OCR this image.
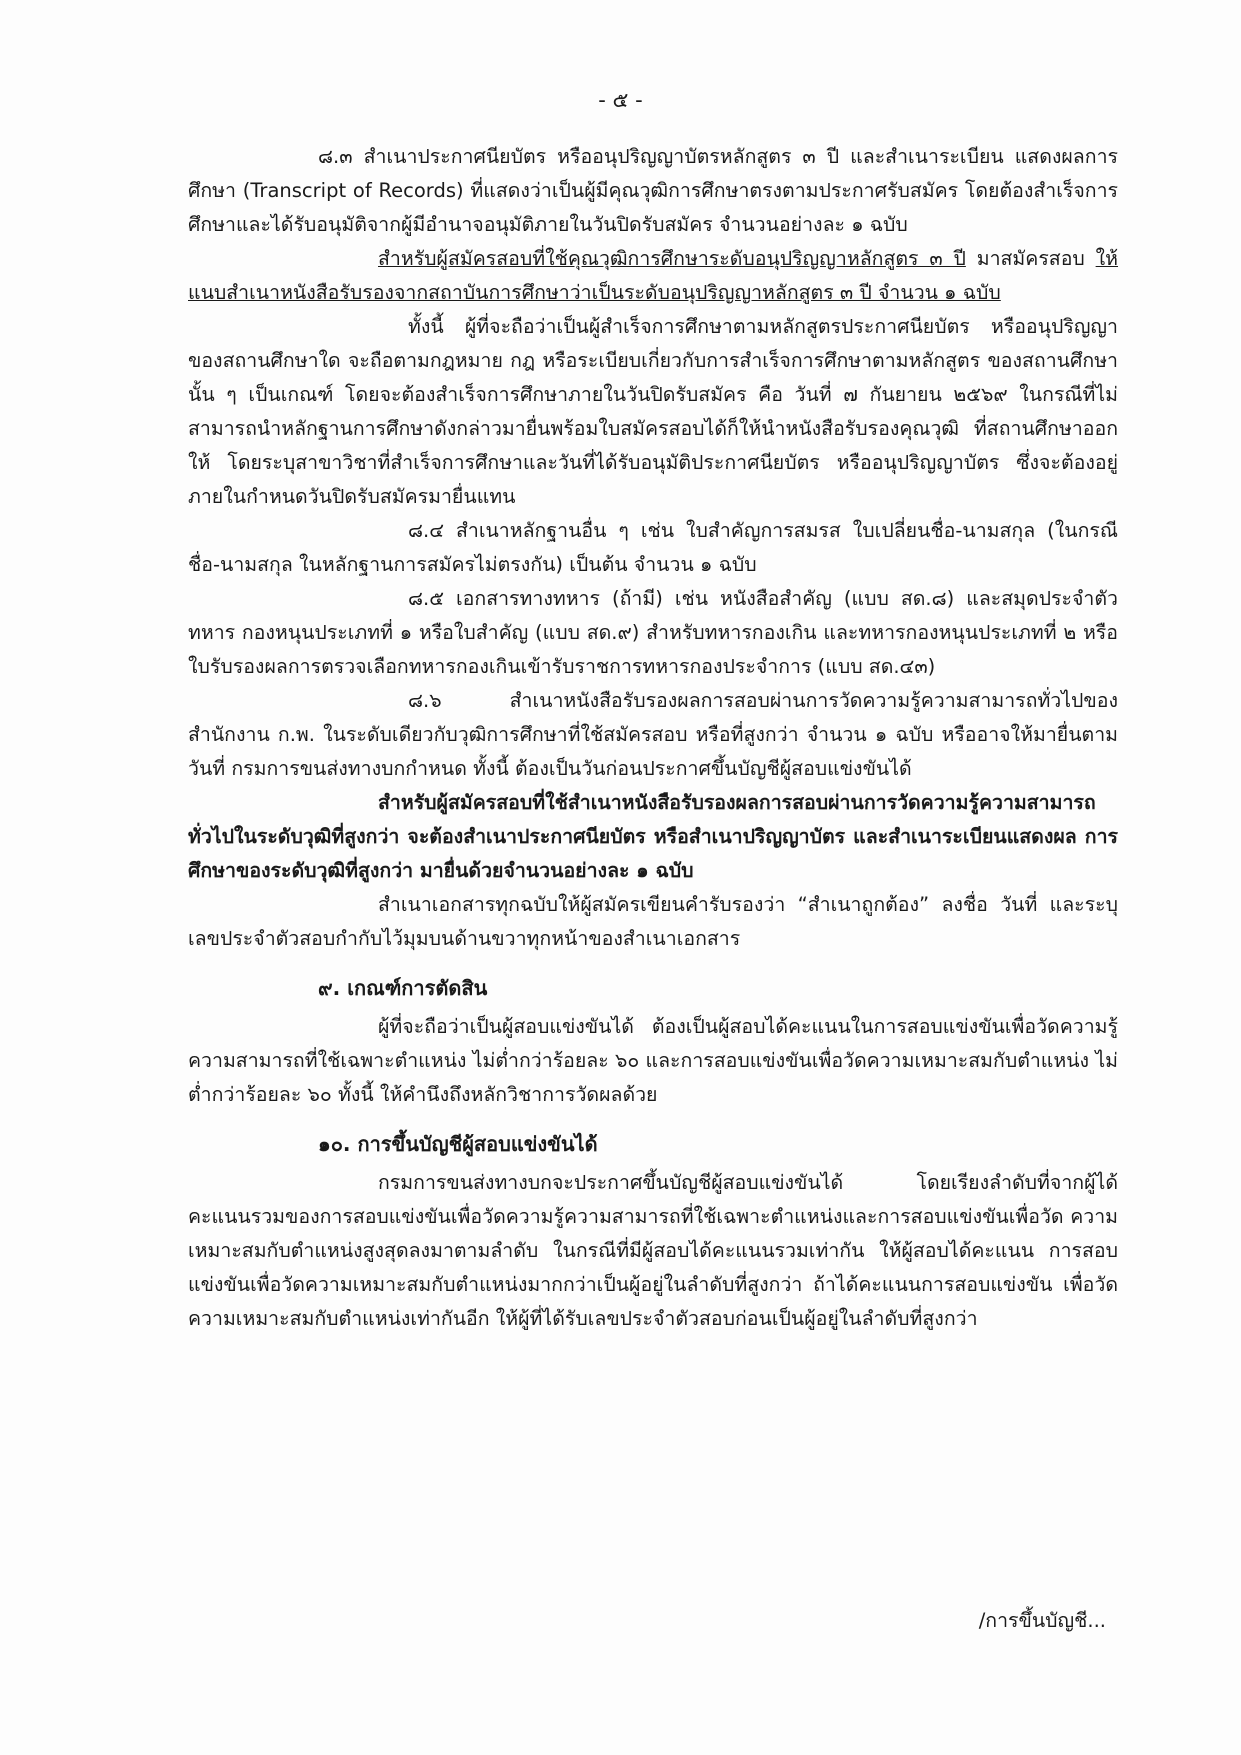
- ๕ -

๘.๓ สำเนาประกาศนียบัตร หรืออนุปริญญาบัตรหลักสูตร ๓ ปี และสำเนาระเบียน แสดงผลการศึกษา (Transcript of Records) ที่แสดงว่าเป็นผู้มีคุณวุฒิการศึกษาตรงตามประกาศรับสมัคร โดยต้องสำเร็จการศึกษาและได้รับอนุมัติจากผู้มีอำนาจอนุมัติภายในวันปิดรับสมัคร จำนวนอย่างละ ๑ ฉบับ

สำหรับผู้สมัครสอบที่ใช้คุณวุฒิการศึกษาระดับอนุปริญญาหลักสูตร ๓ ปี มาสมัครสอบ ให้แนบสำเนาหนังสือรับรองจากสถาบันการศึกษาว่าเป็นระดับอนุปริญญาหลักสูตร ๓ ปี จำนวน ๑ ฉบับ

ทั้งนี้ ผู้ที่จะถือว่าเป็นผู้สำเร็จการศึกษาตามหลักสูตรประกาศนียบัตร หรืออนุปริญญา ของสถานศึกษาใด จะถือตามกฎหมาย กฎ หรือระเบียบเกี่ยวกับการสำเร็จการศึกษาตามหลักสูตร ของสถานศึกษานั้น ๆ เป็นเกณฑ์ โดยจะต้องสำเร็จการศึกษาภายในวันปิดรับสมัคร คือ วันที่ ๗ กันยายน ๒๕๖๙ ในกรณีที่ไม่สามารถนำหลักฐานการศึกษาดังกล่าวมายื่นพร้อมใบสมัครสอบได้ก็ให้นำหนังสือรับรองคุณวุฒิ ที่สถานศึกษาออกให้ โดยระบุสาขาวิชาที่สำเร็จการศึกษาและวันที่ได้รับอนุมัติประกาศนียบัตร หรืออนุปริญญาบัตร ซึ่งจะต้องอยู่ภายในกำหนดวันปิดรับสมัครมายื่นแทน

๘.๔ สำเนาหลักฐานอื่น ๆ เช่น ใบสำคัญการสมรส ใบเปลี่ยนชื่อ-นามสกุล (ในกรณี ชื่อ-นามสกุล ในหลักฐานการสมัครไม่ตรงกัน) เป็นต้น จำนวน ๑ ฉบับ

๘.๕ เอกสารทางทหาร (ถ้ามี) เช่น หนังสือสำคัญ (แบบ สด.๘) และสมุดประจำตัวทหาร กองหนุนประเภทที่ ๑ หรือใบสำคัญ (แบบ สด.๙) สำหรับทหารกองเกิน และทหารกองหนุนประเภทที่ ๒ หรือใบรับรองผลการตรวจเลือกทหารกองเกินเข้ารับราชการทหารกองประจำการ (แบบ สด.๔๓)

๘.๖ สำเนาหนังสือรับรองผลการสอบผ่านการวัดความรู้ความสามารถทั่วไปของสำนักงาน ก.พ. ในระดับเดียวกับวุฒิการศึกษาที่ใช้สมัครสอบ หรือที่สูงกว่า จำนวน ๑ ฉบับ หรืออาจให้มายื่นตามวันที่ กรมการขนส่งทางบกกำหนด ทั้งนี้ ต้องเป็นวันก่อนประกาศขึ้นบัญชีผู้สอบแข่งขันได้

สำหรับผู้สมัครสอบที่ใช้สำเนาหนังสือรับรองผลการสอบผ่านการวัดความรู้ความสามารถ ทั่วไปในระดับวุฒิที่สูงกว่า จะต้องสำเนาประกาศนียบัตร หรือสำเนาปริญญาบัตร และสำเนาระเบียนแสดงผล การศึกษาของระดับวุฒิที่สูงกว่า มายื่นด้วยจำนวนอย่างละ ๑ ฉบับ

สำเนาเอกสารทุกฉบับให้ผู้สมัครเขียนคำรับรองว่า “สำเนาถูกต้อง” ลงชื่อ วันที่ และระบุ เลขประจำตัวสอบกำกับไว้มุมบนด้านขวาทุกหน้าของสำเนาเอกสาร

๙. เกณฑ์การตัดสิน

ผู้ที่จะถือว่าเป็นผู้สอบแข่งขันได้ ต้องเป็นผู้สอบได้คะแนนในการสอบแข่งขันเพื่อวัดความรู้ ความสามารถที่ใช้เฉพาะตำแหน่ง ไม่ต่ำกว่าร้อยละ ๖๐ และการสอบแข่งขันเพื่อวัดความเหมาะสมกับตำแหน่ง ไม่ต่ำกว่าร้อยละ ๖๐ ทั้งนี้ ให้คำนึงถึงหลักวิชาการวัดผลด้วย

๑๐. การขึ้นบัญชีผู้สอบแข่งขันได้

กรมการขนส่งทางบกจะประกาศขึ้นบัญชีผู้สอบแข่งขันได้ โดยเรียงลำดับที่จากผู้ได้ คะแนนรวมของการสอบแข่งขันเพื่อวัดความรู้ความสามารถที่ใช้เฉพาะตำแหน่งและการสอบแข่งขันเพื่อวัด ความเหมาะสมกับตำแหน่งสูงสุดลงมาตามลำดับ ในกรณีที่มีผู้สอบได้คะแนนรวมเท่ากัน ให้ผู้สอบได้คะแนน การสอบแข่งขันเพื่อวัดความเหมาะสมกับตำแหน่งมากกว่าเป็นผู้อยู่ในลำดับที่สูงกว่า ถ้าได้คะแนนการสอบแข่งขัน เพื่อวัดความเหมาะสมกับตำแหน่งเท่ากันอีก ให้ผู้ที่ได้รับเลขประจำตัวสอบก่อนเป็นผู้อยู่ในลำดับที่สูงกว่า

/การขึ้นบัญชี...
